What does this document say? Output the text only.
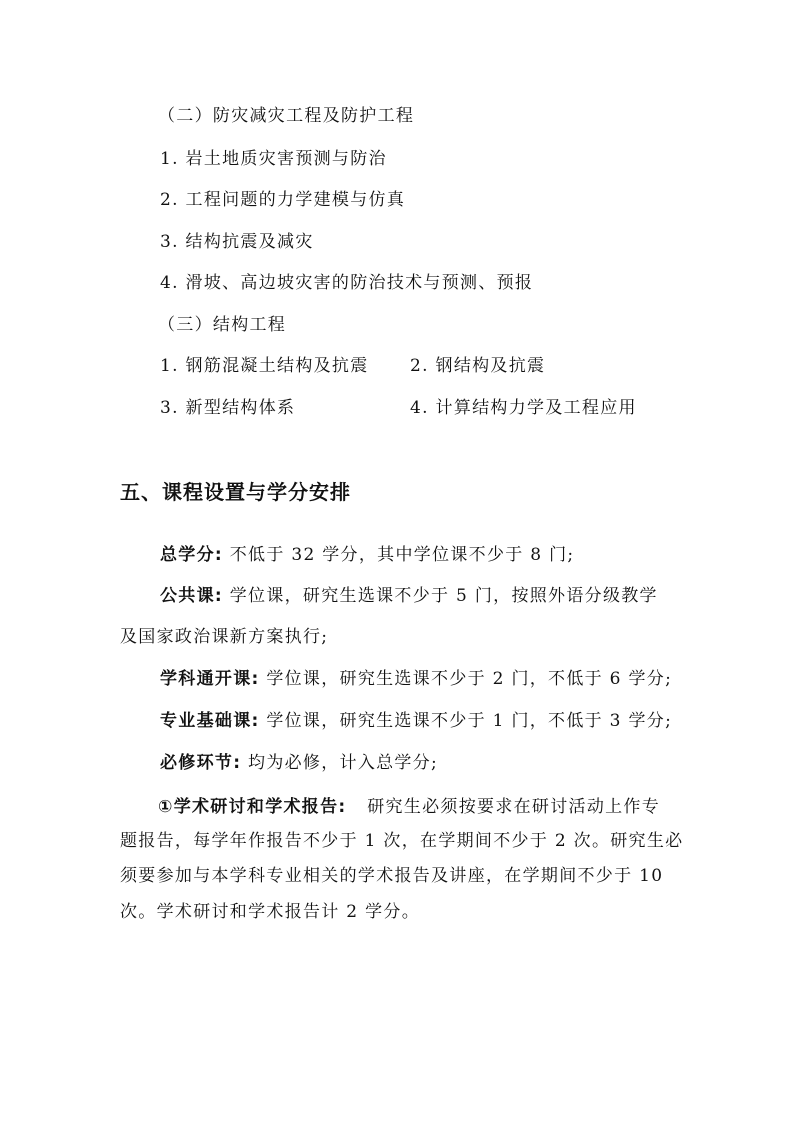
（二）防灾减灾工程及防护工程
1. 岩土地质灾害预测与防治
2. 工程问题的力学建模与仿真
3. 结构抗震及减灾
4. 滑坡、高边坡灾害的防治技术与预测、预报
（三）结构工程
1. 钢筋混凝土结构及抗震 2. 钢结构及抗震
3. 新型结构体系	4. 计算结构力学及工程应用
五、课程设置与学分安排
总学分: 不低于 32 学分，其中学位课不少于 8 门;
公共课: 学位课，研究生选课不少于 5 门，按照外语分级教学
及国家政治课新方案执行;
学科通开课: 学位课，研究生选课不少于 2 门，不低于 6 学分;
专业基础课: 学位课，研究生选课不少于 1 门，不低于 3 学分;
必修环节: 均为必修，计入总学分;
①学术研讨和学术报告: 研究生必须按要求在研讨活动上作专
题报告，每学年作报告不少于 1 次，在学期间不少于 2 次。研究生必
须要参加与本学科专业相关的学术报告及讲座，在学期间不少于 10
次。学术研讨和学术报告计 2 学分。
